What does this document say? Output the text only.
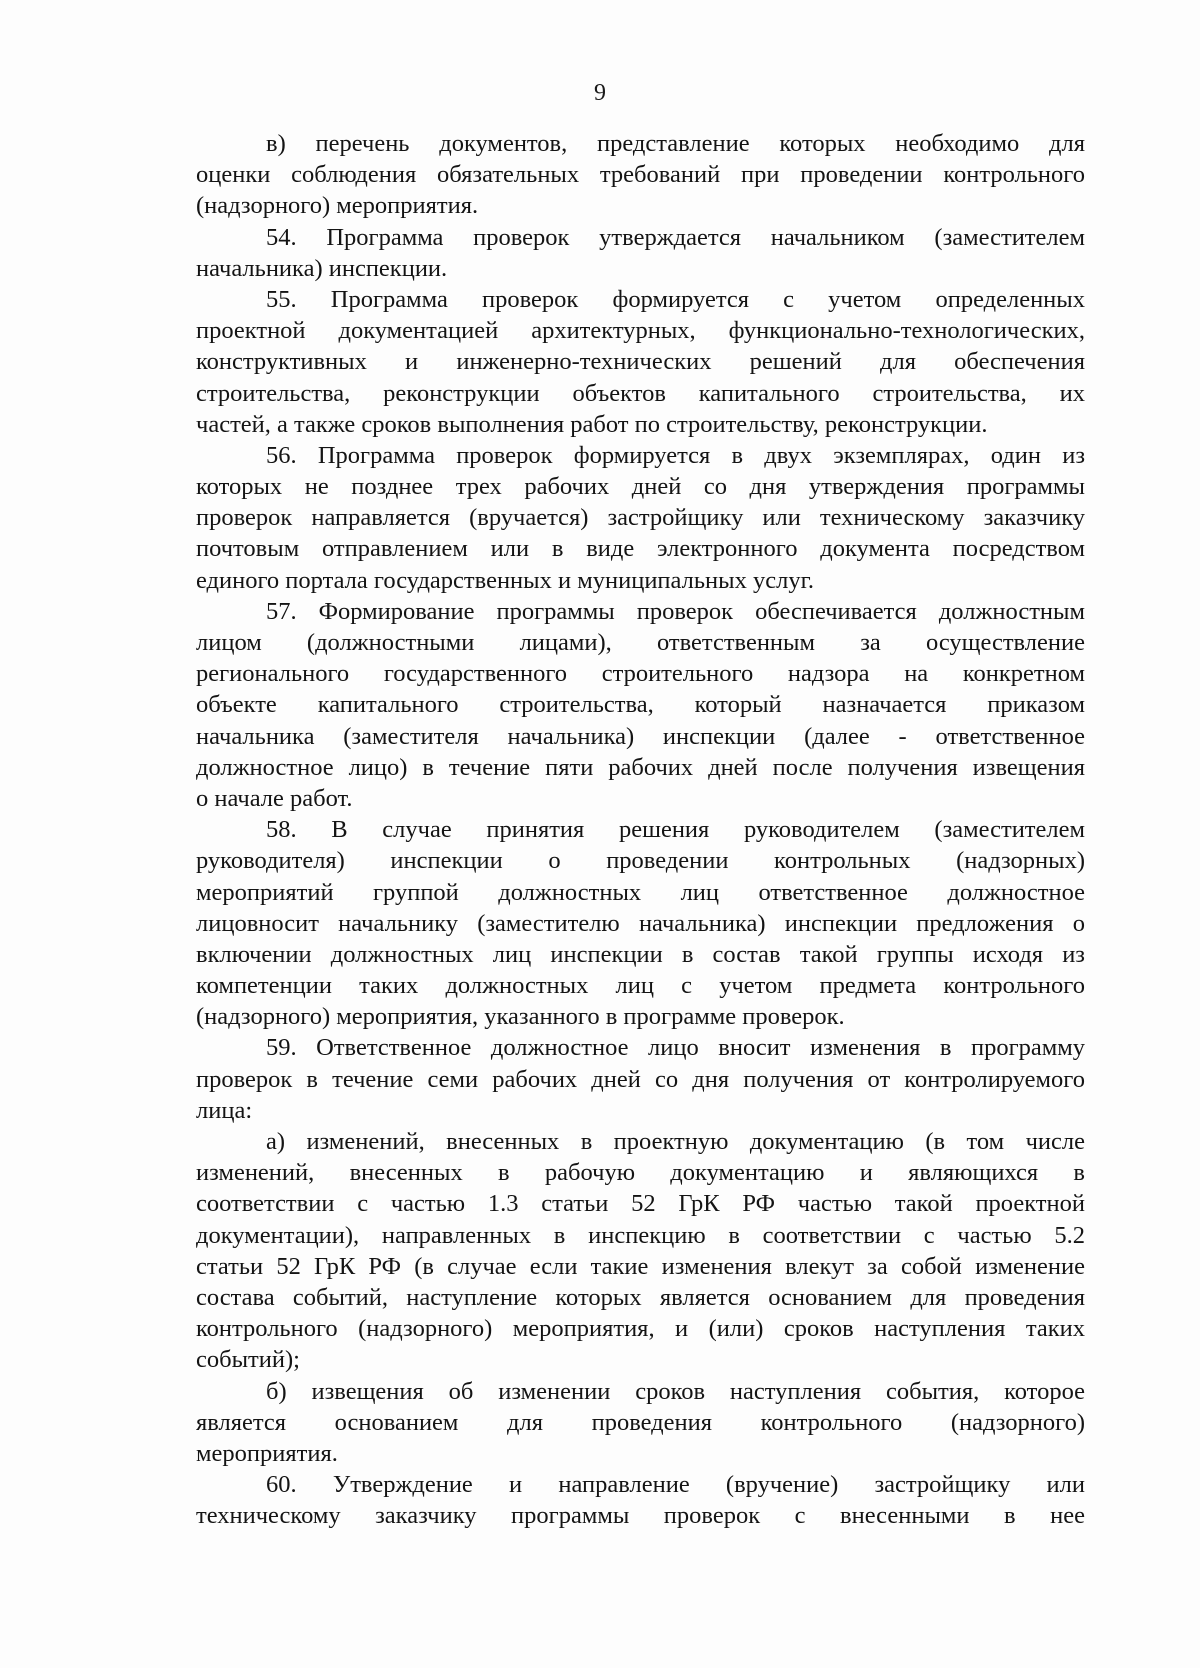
9
в) перечень документов, представление которых необходимо для
оценки соблюдения обязательных требований при проведении контрольного
(надзорного) мероприятия.
54. Программа проверок утверждается начальником (заместителем
начальника) инспекции.
55. Программа проверок формируется с учетом определенных
проектной документацией архитектурных, функционально-технологических,
конструктивных и инженерно-технических решений для обеспечения
строительства, реконструкции объектов капитального строительства, их
частей, а также сроков выполнения работ по строительству, реконструкции.
56. Программа проверок формируется в двух экземплярах, один из
которых не позднее трех рабочих дней со дня утверждения программы
проверок направляется (вручается) застройщику или техническому заказчику
почтовым отправлением или в виде электронного документа посредством
единого портала государственных и муниципальных услуг.
57. Формирование программы проверок обеспечивается должностным
лицом (должностными лицами), ответственным за осуществление
регионального государственного строительного надзора на конкретном
объекте капитального строительства, который назначается приказом
начальника (заместителя начальника) инспекции (далее - ответственное
должностное лицо) в течение пяти рабочих дней после получения извещения
о начале работ.
58. В случае принятия решения руководителем (заместителем
руководителя) инспекции о проведении контрольных (надзорных)
мероприятий группой должностных лиц ответственное должностное
лицовносит начальнику (заместителю начальника) инспекции предложения о
включении должностных лиц инспекции в состав такой группы исходя из
компетенции таких должностных лиц с учетом предмета контрольного
(надзорного) мероприятия, указанного в программе проверок.
59. Ответственное должностное лицо вносит изменения в программу
проверок в течение семи рабочих дней со дня получения от контролируемого
лица:
а) изменений, внесенных в проектную документацию (в том числе
изменений, внесенных в рабочую документацию и являющихся в
соответствии с частью 1.3 статьи 52 ГрК РФ частью такой проектной
документации), направленных в инспекцию в соответствии с частью 5.2
статьи 52 ГрК РФ (в случае если такие изменения влекут за собой изменение
состава событий, наступление которых является основанием для проведения
контрольного (надзорного) мероприятия, и (или) сроков наступления таких
событий);
б) извещения об изменении сроков наступления события, которое
является основанием для проведения контрольного (надзорного)
мероприятия.
60. Утверждение и направление (вручение) застройщику или
техническому заказчику программы проверок с внесенными в нее
